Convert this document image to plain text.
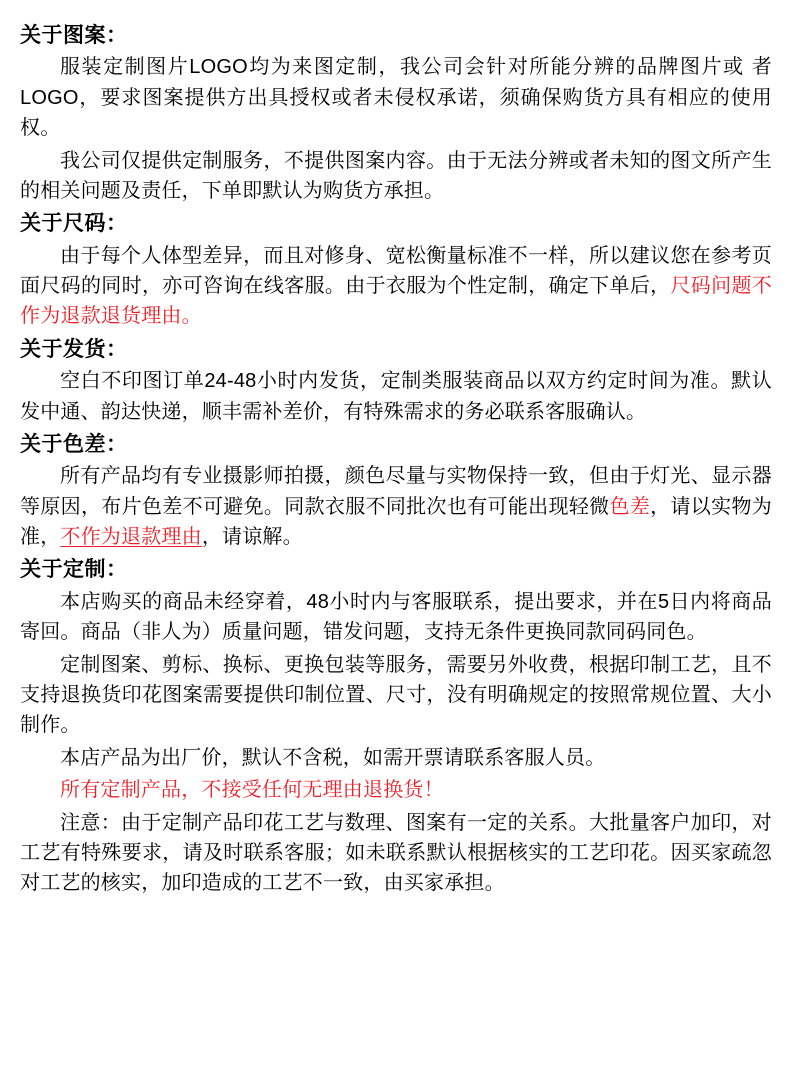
关于图案：

服装定制图片LOGO均为来图定制，我公司会针对所能分辨的品牌图片或 者LOGO，要求图案提供方出具授权或者未侵权承诺，须确保购货方具有相应的使用权。

我公司仅提供定制服务，不提供图案内容。由于无法分辨或者未知的图文所产生的相关问题及责任，下单即默认为购货方承担。

关于尺码：

由于每个人体型差异，而且对修身、宽松衡量标准不一样，所以建议您在参考页面尺码的同时，亦可咨询在线客服。由于衣服为个性定制，确定下单后，尺码问题不作为退款退货理由。

关于发货：

空白不印图订单24-48小时内发货，定制类服装商品以双方约定时间为准。默认发中通、韵达快递，顺丰需补差价，有特殊需求的务必联系客服确认。

关于色差：

所有产品均有专业摄影师拍摄，颜色尽量与实物保持一致，但由于灯光、显示器等原因，布片色差不可避免。同款衣服不同批次也有可能出现轻微色差，请以实物为准，不作为退款理由，请谅解。

关于定制：

本店购买的商品未经穿着，48小时内与客服联系，提出要求，并在5日内将商品寄回。商品（非人为）质量问题，错发问题，支持无条件更换同款同码同色。

定制图案、剪标、换标、更换包装等服务，需要另外收费，根据印制工艺，且不支持退换货印花图案需要提供印制位置、尺寸，没有明确规定的按照常规位置、大小制作。

本店产品为出厂价，默认不含税，如需开票请联系客服人员。

所有定制产品，不接受任何无理由退换货！

注意：由于定制产品印花工艺与数理、图案有一定的关系。大批量客户加印，对工艺有特殊要求，请及时联系客服；如未联系默认根据核实的工艺印花。因买家疏忽对工艺的核实，加印造成的工艺不一致，由买家承担。
